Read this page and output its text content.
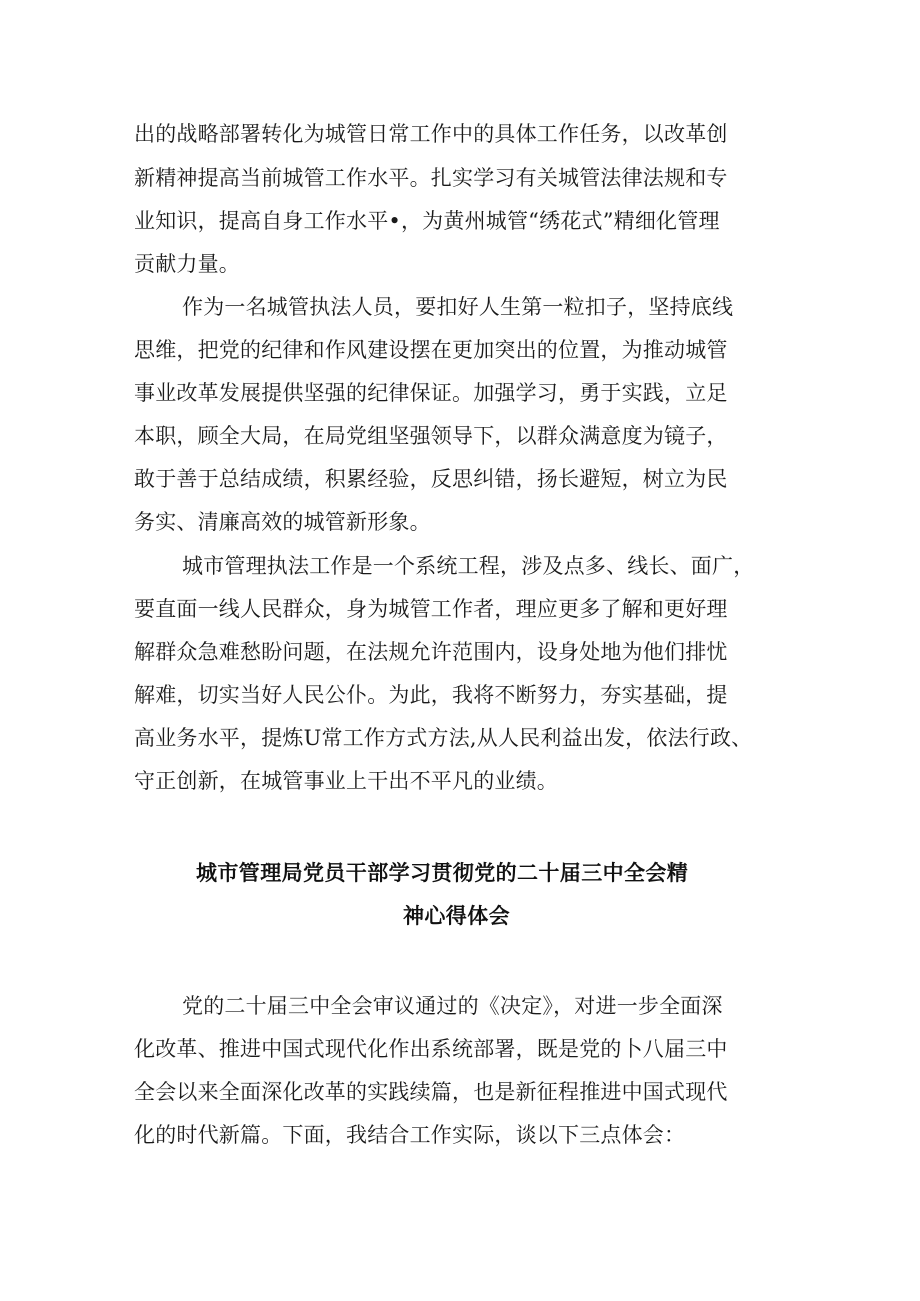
出的战略部署转化为城管日常工作中的具体工作任务，以改革创
新精神提高当前城管工作水平。扎实学习有关城管法律法规和专
业知识，提高自身工作水平•，为黄州城管“绣花式”精细化管理
贡献力量。
作为一名城管执法人员，要扣好人生第一粒扣子，坚持底线
思维，把党的纪律和作风建设摆在更加突出的位置，为推动城管
事业改革发展提供坚强的纪律保证。加强学习，勇于实践，立足
本职，顾全大局，在局党组坚强领导下，以群众满意度为镜子，
敢于善于总结成绩，积累经验，反思纠错，扬长避短，树立为民
务实、清廉高效的城管新形象。
城市管理执法工作是一个系统工程，涉及点多、线长、面广，
要直面一线人民群众，身为城管工作者，理应更多了解和更好理
解群众急难愁盼问题，在法规允许范围内，设身处地为他们排忧
解难，切实当好人民公仆。为此，我将不断努力，夯实基础，提
高业务水平，提炼U常工作方式方法,从人民利益出发，依法行政、
守正创新，在城管事业上干出不平凡的业绩。
城市管理局党员干部学习贯彻党的二十届三中全会精
神心得体会
党的二十届三中全会审议通过的《决定》，对进一步全面深
化改革、推进中国式现代化作出系统部署，既是党的卜八届三中
全会以来全面深化改革的实践续篇，也是新征程推进中国式现代
化的时代新篇。下面，我结合工作实际，谈以下三点体会：
